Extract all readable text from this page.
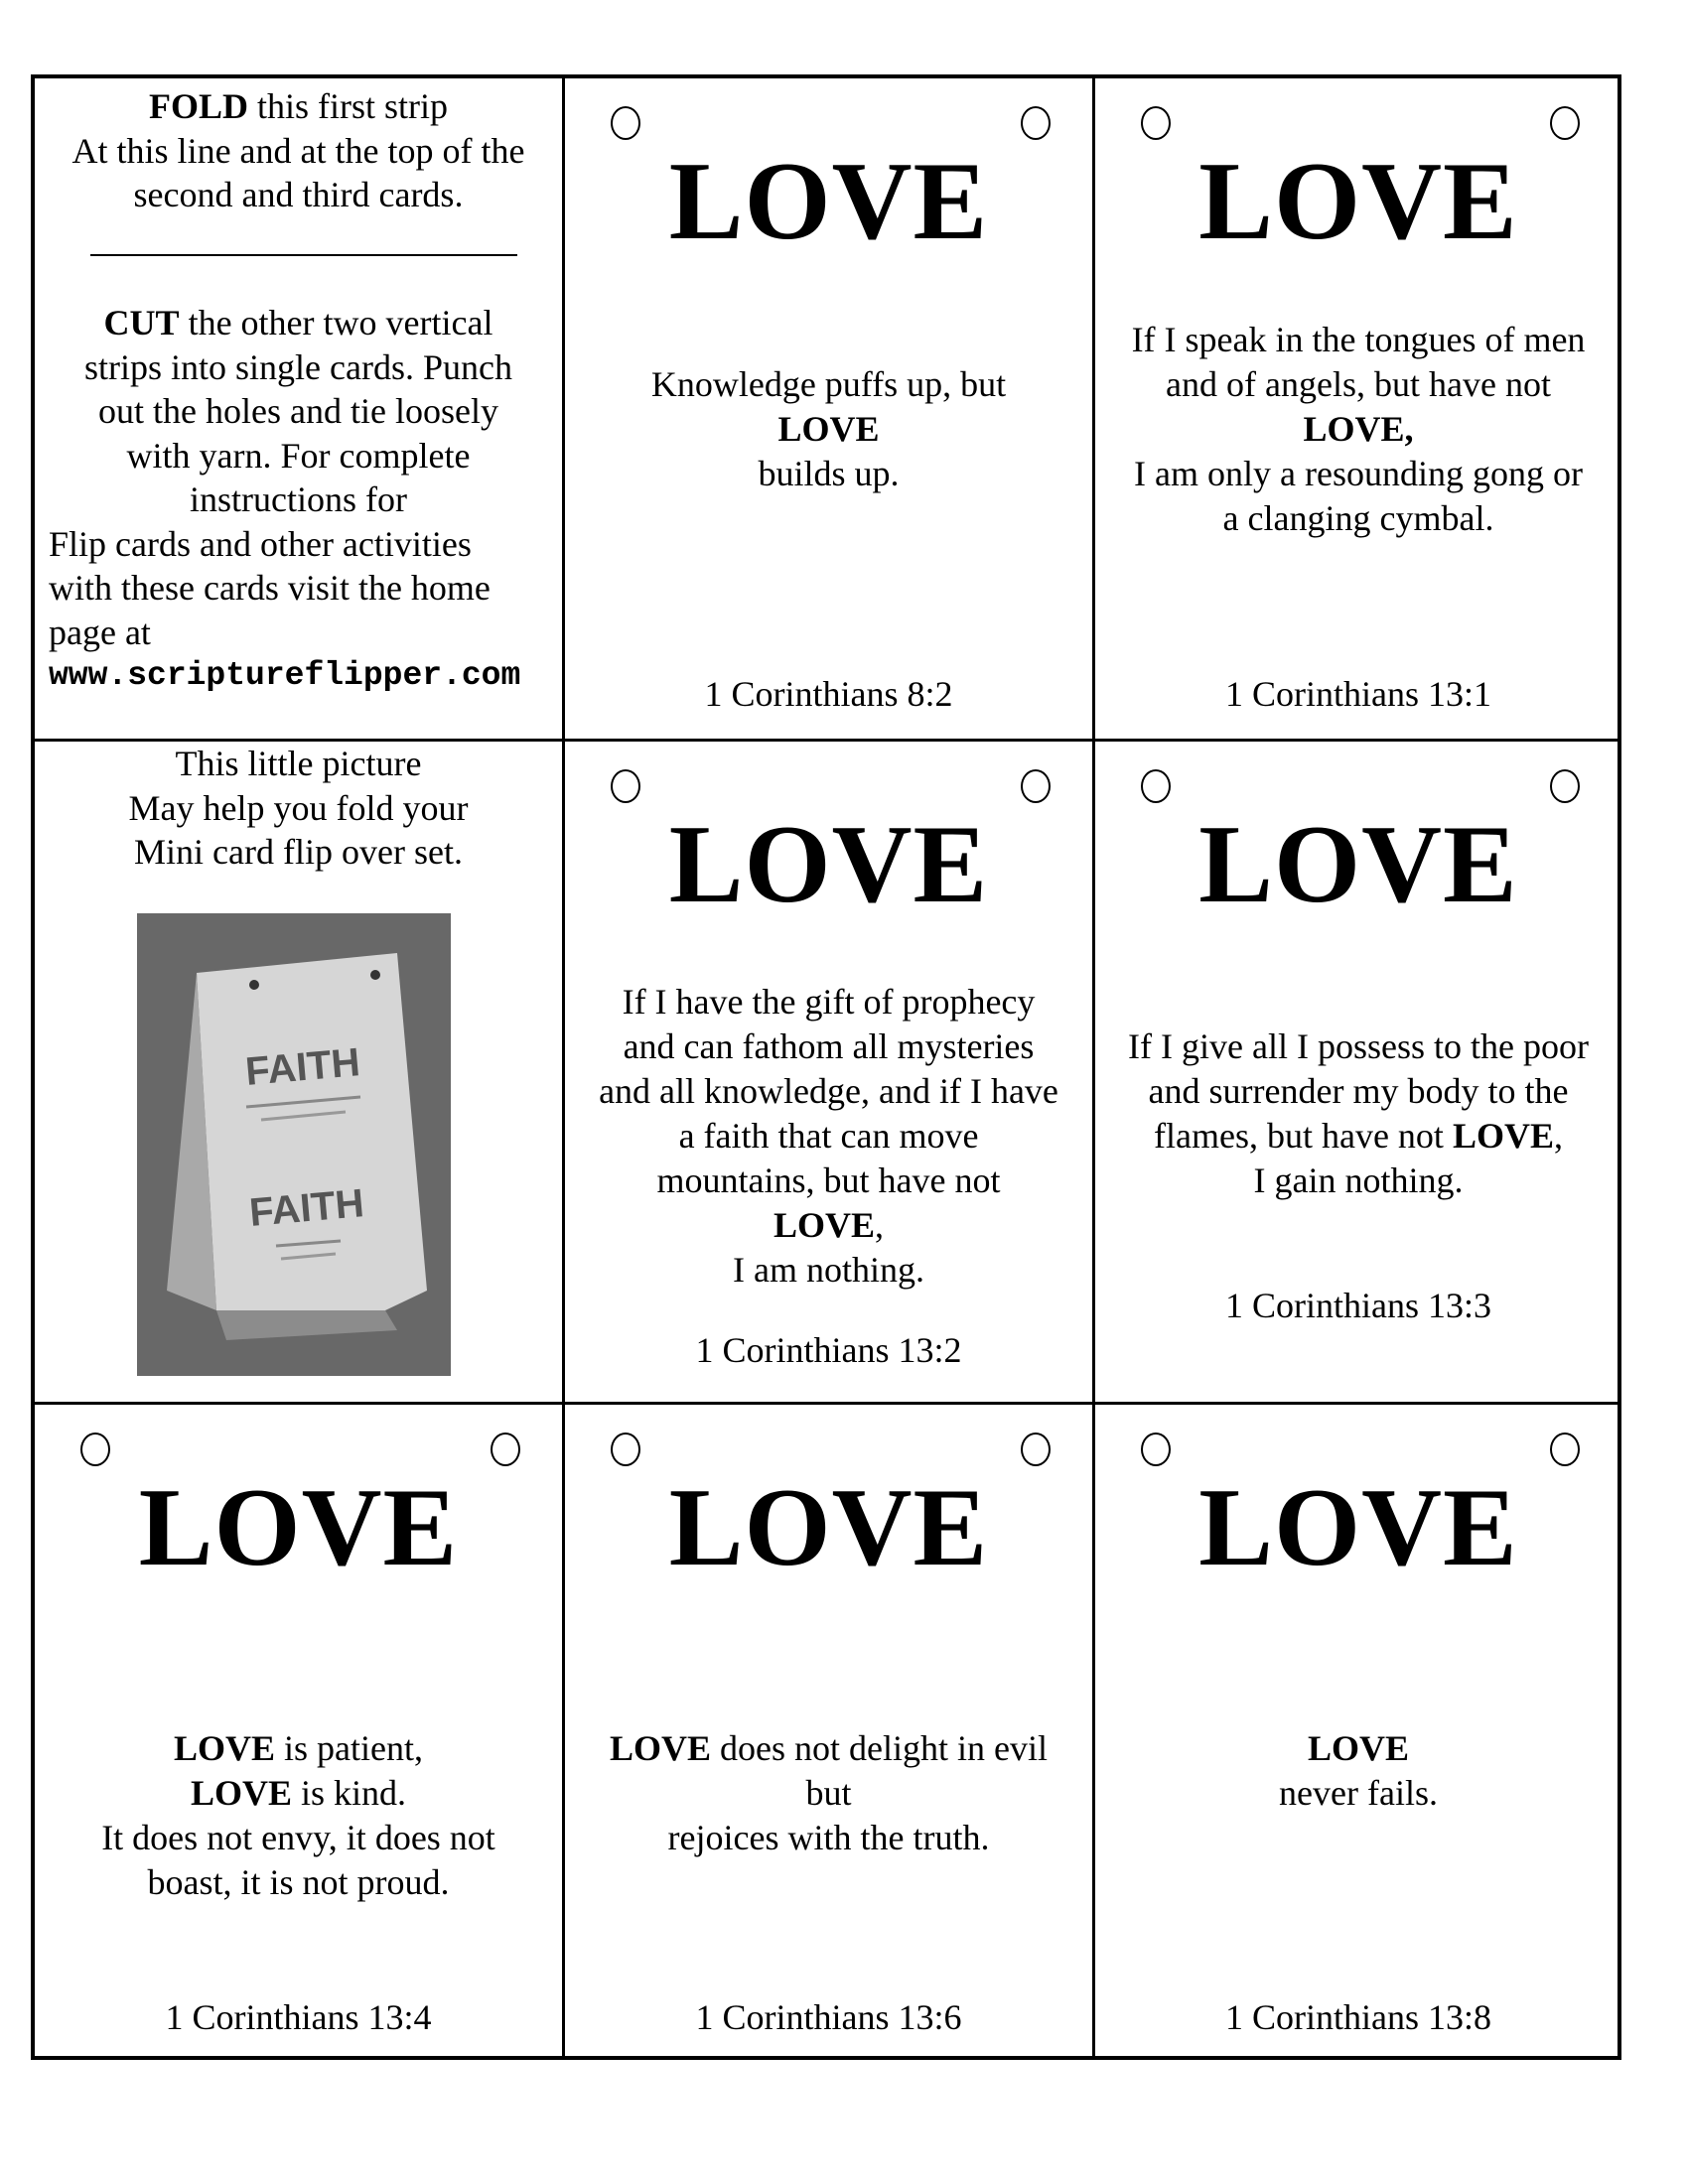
FOLD this first strip
At this line and at the top of the
second and third cards.
CUT the other two vertical
strips into single cards. Punch
out the holes and tie loosely
with yarn. For complete
instructions for
Flip cards and other activities
with these cards visit the home
page at
www.scriptureflipper.com
This little picture
May help you fold your
Mini card flip over set.
FAITH
FAITH
LOVE
Knowledge puffs up, but
LOVE
builds up.
1 Corinthians 8:2
LOVE
If I speak in the tongues of men
and of angels, but have not
LOVE,
I am only a resounding gong or
a clanging cymbal.
1 Corinthians 13:1
LOVE
If I have the gift of prophecy
and can fathom all mysteries
and all knowledge, and if I have
a faith that can move
mountains, but have not
LOVE,
I am nothing.
1 Corinthians 13:2
LOVE
If I give all I possess to the poor
and surrender my body to the
flames, but have not LOVE,
I gain nothing.
1 Corinthians 13:3
LOVE
LOVE is patient,
LOVE is kind.
It does not envy, it does not
boast, it is not proud.
1 Corinthians 13:4
LOVE
LOVE does not delight in evil
but
rejoices with the truth.
1 Corinthians 13:6
LOVE
LOVE
never fails.
1 Corinthians 13:8
